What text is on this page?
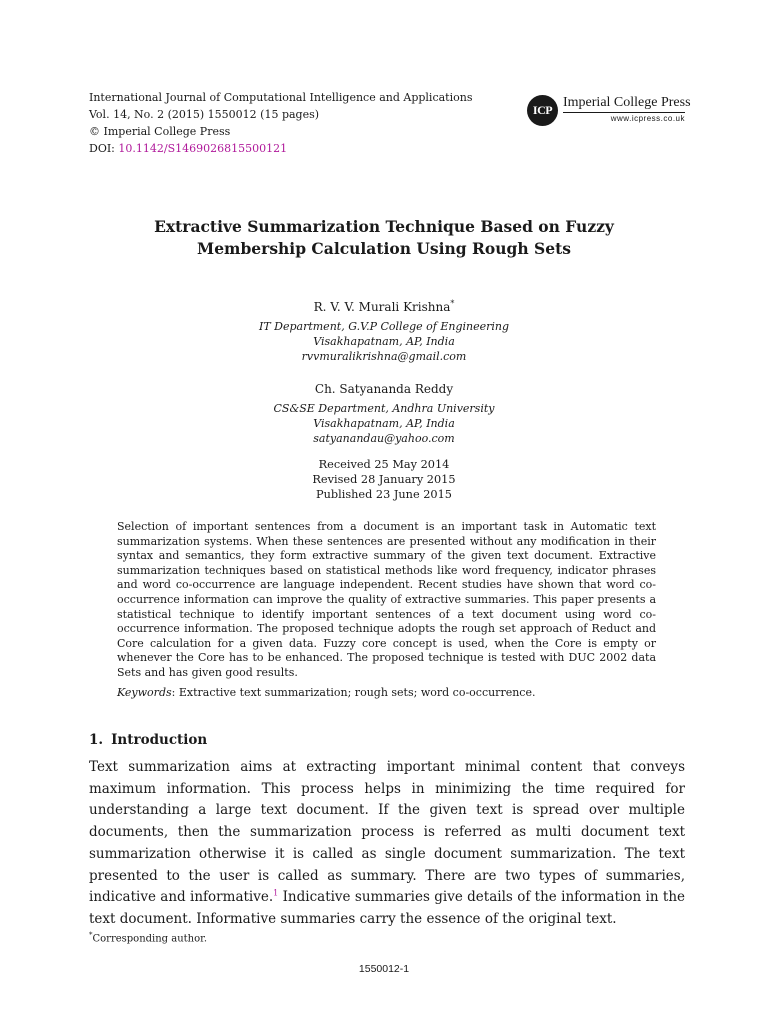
International Journal of Computational Intelligence and Applications
Vol. 14, No. 2 (2015) 1550012 (15 pages)
© Imperial College Press
DOI: 10.1142/S1469026815500121
ICP Imperial College Press
www.icpress.co.uk
Extractive Summarization Technique Based on Fuzzy
Membership Calculation Using Rough Sets
R. V. V. Murali Krishna*
IT Department, G.V.P College of Engineering
Visakhapatnam, AP, India
rvvmuralikrishna@gmail.com
Ch. Satyananda Reddy
CS&SE Department, Andhra University
Visakhapatnam, AP, India
satyanandau@yahoo.com
Received 25 May 2014
Revised 28 January 2015
Published 23 June 2015
Selection of important sentences from a document is an important task in Automatic text summarization systems. When these sentences are presented without any modification in their syntax and semantics, they form extractive summary of the given text document. Extractive summarization techniques based on statistical methods like word frequency, indicator phrases and word co-occurrence are language independent. Recent studies have shown that word co-occurrence information can improve the quality of extractive summaries. This paper presents a statistical technique to identify important sentences of a text document using word co-occurrence information. The proposed technique adopts the rough set approach of Reduct and Core calculation for a given data. Fuzzy core concept is used, when the Core is empty or whenever the Core has to be enhanced. The proposed technique is tested with DUC 2002 data Sets and has given good results.
Keywords: Extractive text summarization; rough sets; word co-occurrence.
1. Introduction
Text summarization aims at extracting important minimal content that conveys maximum information. This process helps in minimizing the time required for understanding a large text document. If the given text is spread over multiple documents, then the summarization process is referred as multi document text summarization otherwise it is called as single document summarization. The text presented to the user is called as summary. There are two types of summaries, indicative and informative.$^1$ Indicative summaries give details of the information in the text document. Informative summaries carry the essence of the original text.
*Corresponding author.
1550012-1
